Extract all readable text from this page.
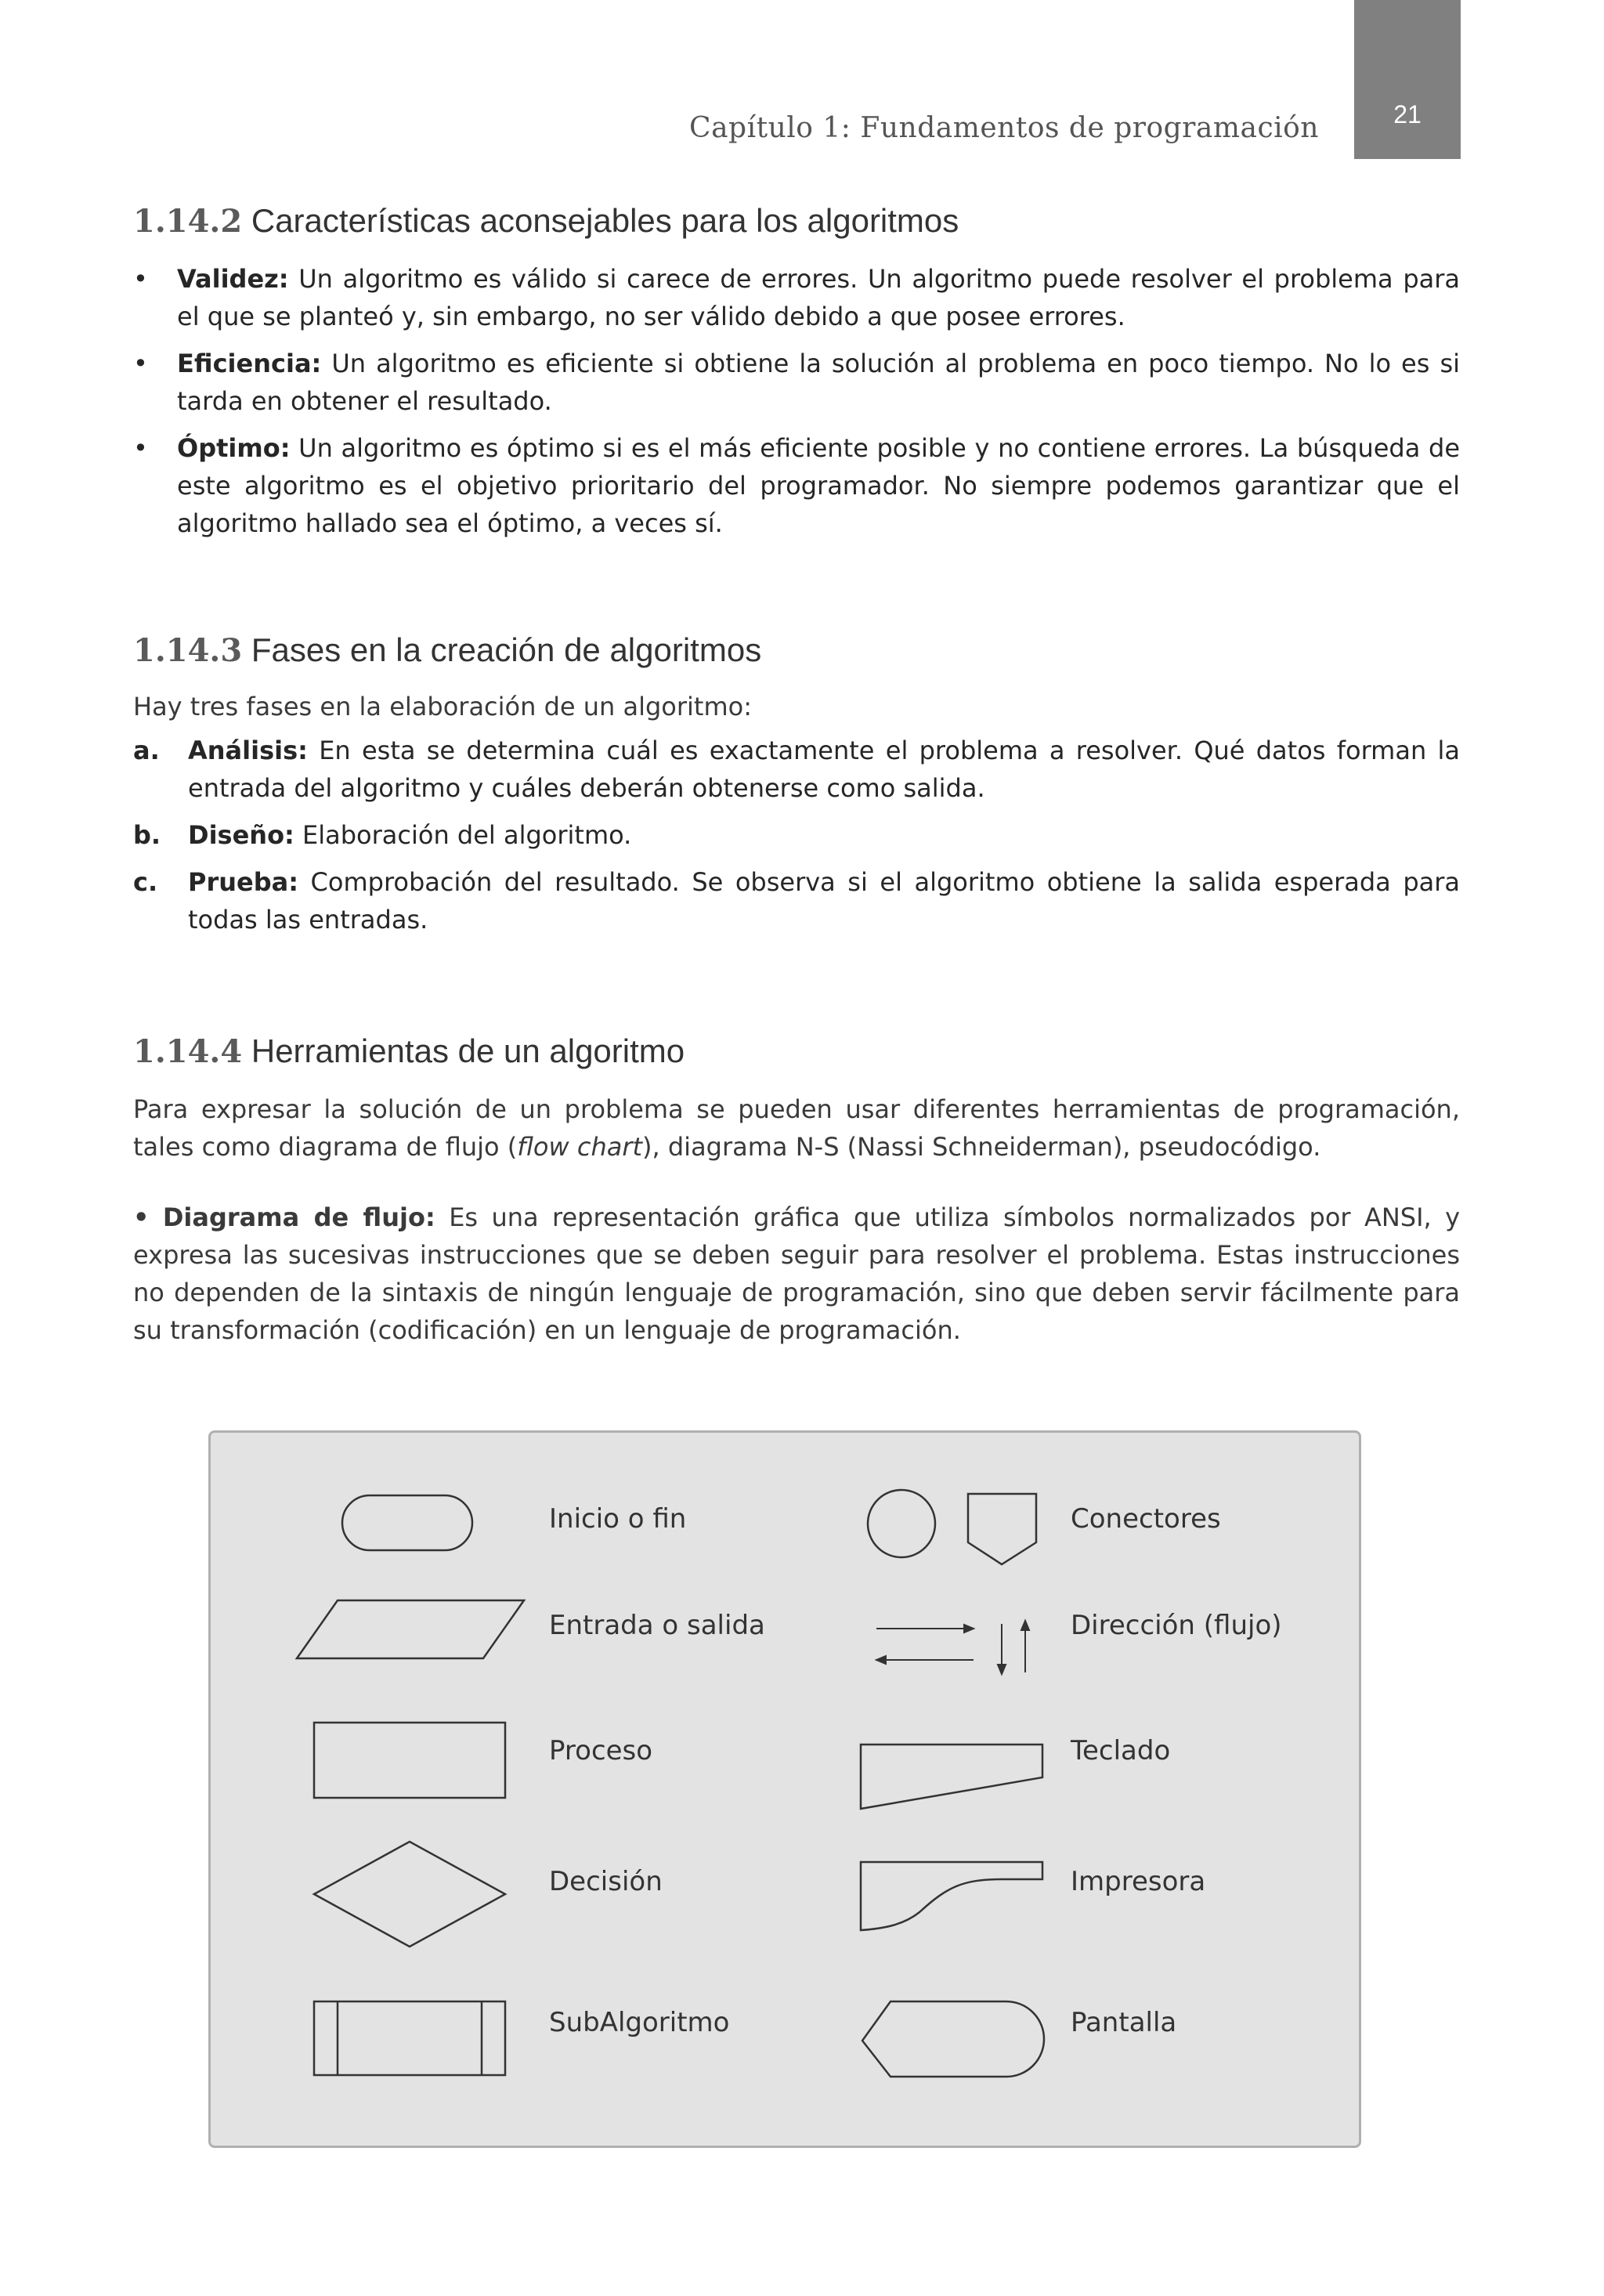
Capítulo 1: Fundamentos de programación	21
1.14.2 Características aconsejables para los algoritmos
• Validez: Un algoritmo es válido si carece de errores. Un algoritmo puede resolver el problema para el que se planteó y, sin embargo, no ser válido debido a que posee errores.
• Eficiencia: Un algoritmo es eficiente si obtiene la solución al problema en poco tiempo. No lo es si tarda en obtener el resultado.
• Óptimo: Un algoritmo es óptimo si es el más eficiente posible y no contiene errores. La búsqueda de este algoritmo es el objetivo prioritario del programador. No siempre podemos garantizar que el algoritmo hallado sea el óptimo, a veces sí.
1.14.3 Fases en la creación de algoritmos

Hay tres fases en la elaboración de un algoritmo:

a. Análisis: En esta se determina cuál es exactamente el problema a resolver. Qué datos forman la entrada del algoritmo y cuáles deberán obtenerse como salida.
b. Diseño: Elaboración del algoritmo.
c. Prueba: Comprobación del resultado. Se observa si el algoritmo obtiene la salida esperada para todas las entradas.
1.14.4 Herramientas de un algoritmo

Para expresar la solución de un problema se pueden usar diferentes herramientas de programación, tales como diagrama de flujo (flow chart), diagrama N-S (Nassi Schneiderman), pseudocódigo.

• Diagrama de flujo: Es una representación gráfica que utiliza símbolos normalizados por ANSI, y expresa las sucesivas instrucciones que se deben seguir para resolver el problema. Estas instrucciones no dependen de la sintaxis de ningún lenguaje de programación, sino que deben servir fácilmente para su transformación (codificación) en un lenguaje de programación.

Inicio o fin
Entrada o salida
Proceso
Decisión
SubAlgoritmo
Conectores
Dirección (flujo)
Teclado
Impresora
Pantalla
